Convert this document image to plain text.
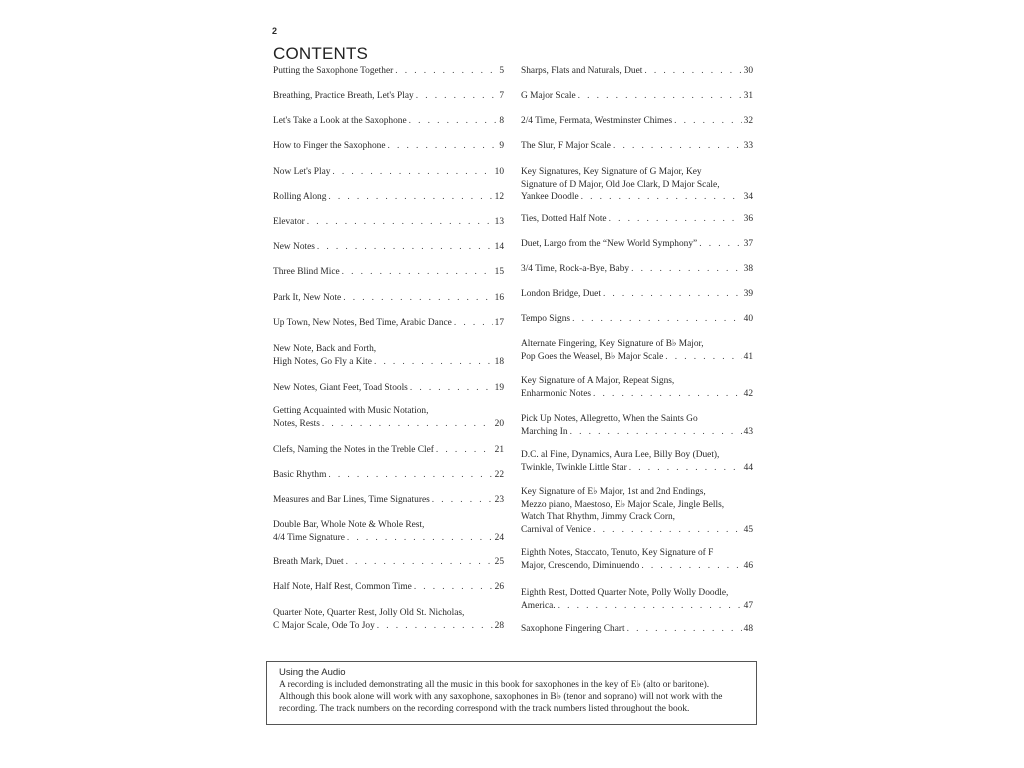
2
CONTENTS
Putting the Saxophone Together . . .	5
Breathing, Practice Breath, Let's Play . . .	7
Let's Take a Look at the Saxophone . . .	8
How to Finger the Saxophone . . .	9
Now Let's Play . . .	10
Rolling Along . . .	12
Elevator . . .	13
New Notes . . .	14
Three Blind Mice . . .	15
Park It, New Note . . .	16
Up Town, New Notes, Bed Time, Arabic Dance . . .	17
New Note, Back and Forth,
High Notes, Go Fly a Kite . . .	18
New Notes, Giant Feet, Toad Stools . . .	19
Getting Acquainted with Music Notation,
Notes, Rests . . .	20
Clefs, Naming the Notes in the Treble Clef . . .	21
Basic Rhythm . . .	22
Measures and Bar Lines, Time Signatures . . .	23
Double Bar, Whole Note & Whole Rest,
4/4 Time Signature . . .	24
Breath Mark, Duet . . .	25
Half Note, Half Rest, Common Time . . .	26
Quarter Note, Quarter Rest, Jolly Old St. Nicholas,
C Major Scale, Ode To Joy . . .	28
Sharps, Flats and Naturals, Duet . . .	30
G Major Scale . . .	31
2/4 Time, Fermata, Westminster Chimes . . .	32
The Slur, F Major Scale . . .	33
Key Signatures, Key Signature of G Major, Key
Signature of D Major, Old Joe Clark, D Major Scale,
Yankee Doodle . . .	34
Ties, Dotted Half Note . . .	36
Duet, Largo from the “New World Symphony” . . .	37
3/4 Time, Rock-a-Bye, Baby . . .	38
London Bridge, Duet . . .	39
Tempo Signs . . .	40
Alternate Fingering, Key Signature of B♭ Major,
Pop Goes the Weasel, B♭ Major Scale . . .	41
Key Signature of A Major, Repeat Signs,
Enharmonic Notes . . .	42
Pick Up Notes, Allegretto, When the Saints Go
Marching In . . .	43
D.C. al Fine, Dynamics, Aura Lee, Billy Boy (Duet),
Twinkle, Twinkle Little Star . . .	44
Key Signature of E♭ Major, 1st and 2nd Endings,
Mezzo piano, Maestoso, E♭ Major Scale, Jingle Bells,
Watch That Rhythm, Jimmy Crack Corn,
Carnival of Venice . . .	45
Eighth Notes, Staccato, Tenuto, Key Signature of F
Major, Crescendo, Diminuendo . . .	46
Eighth Rest, Dotted Quarter Note, Polly Wolly Doodle,
America. . . .	47
Saxophone Fingering Chart . . .	48
Using the Audio
A recording is included demonstrating all the music in this book for saxophones in the key of E♭ (alto or baritone).
Although this book alone will work with any saxophone, saxophones in B♭ (tenor and soprano) will not work with the
recording. The track numbers on the recording correspond with the track numbers listed throughout the book.
